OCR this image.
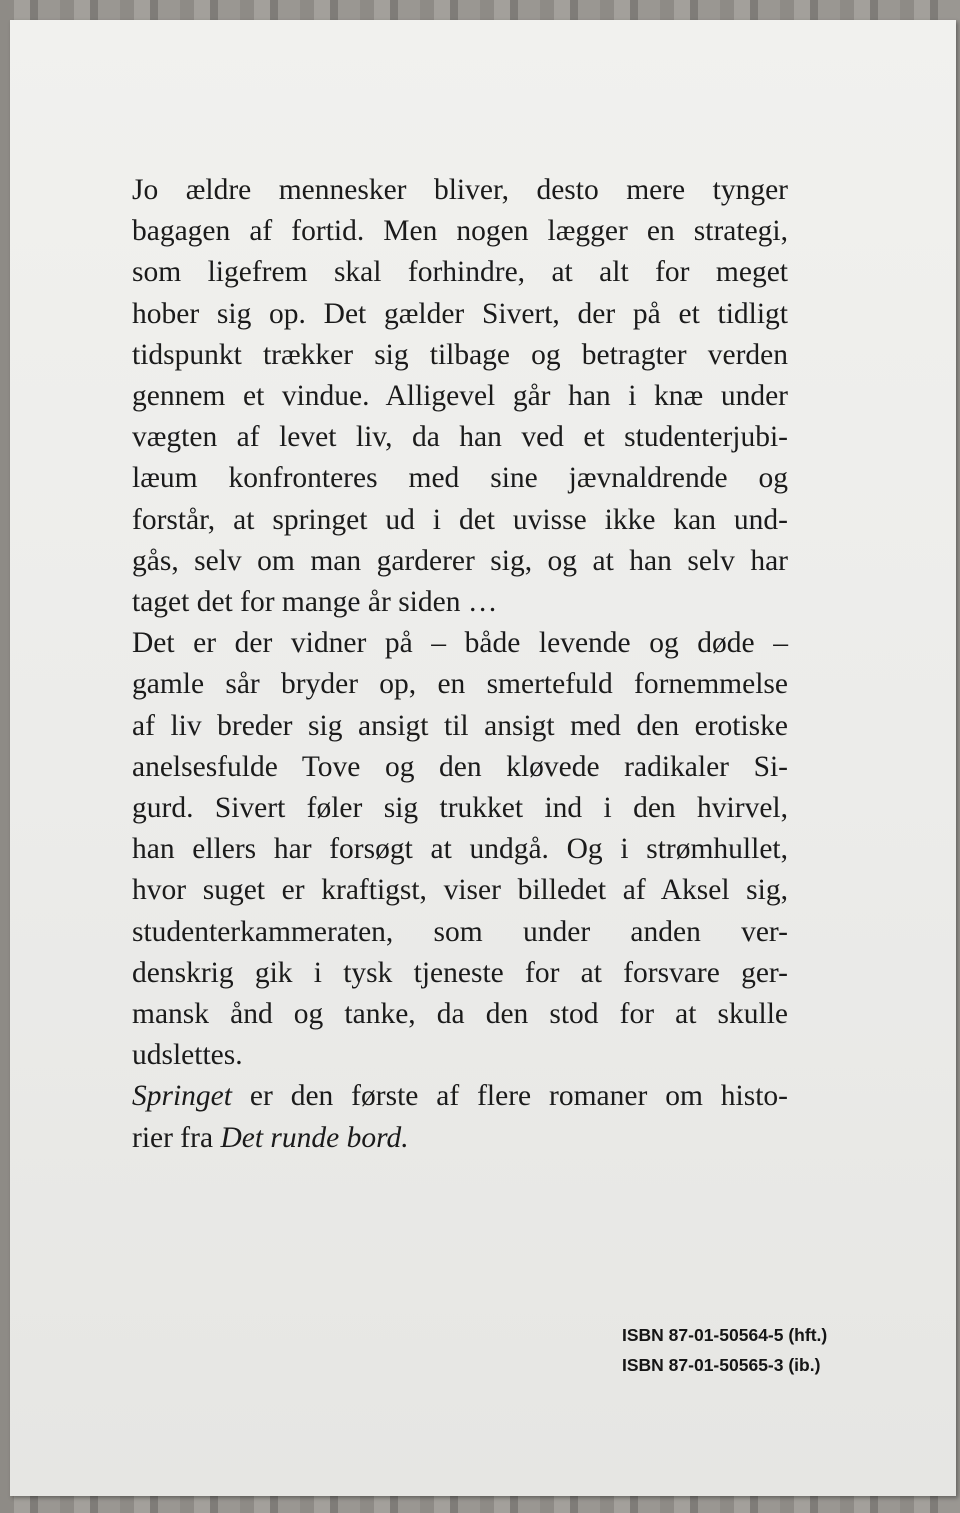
Jo ældre mennesker bliver, desto mere tynger
bagagen af fortid. Men nogen lægger en strategi,
som ligefrem skal forhindre, at alt for meget
hober sig op. Det gælder Sivert, der på et tidligt
tidspunkt trækker sig tilbage og betragter verden
gennem et vindue. Alligevel går han i knæ under
vægten af levet liv, da han ved et studenterjubi-
læum konfronteres med sine jævnaldrende og
forstår, at springet ud i det uvisse ikke kan und-
gås, selv om man garderer sig, og at han selv har
taget det for mange år siden …
Det er der vidner på – både levende og døde –
gamle sår bryder op, en smertefuld fornemmelse
af liv breder sig ansigt til ansigt med den erotiske
anelsesfulde Tove og den kløvede radikaler Si-
gurd. Sivert føler sig trukket ind i den hvirvel,
han ellers har forsøgt at undgå. Og i strømhullet,
hvor suget er kraftigst, viser billedet af Aksel sig,
studenterkammeraten, som under anden ver-
denskrig gik i tysk tjeneste for at forsvare ger-
mansk ånd og tanke, da den stod for at skulle
udslettes.
Springet er den første af flere romaner om histo-
rier fra Det runde bord.
ISBN 87-01-50564-5 (hft.)
ISBN 87-01-50565-3 (ib.)
